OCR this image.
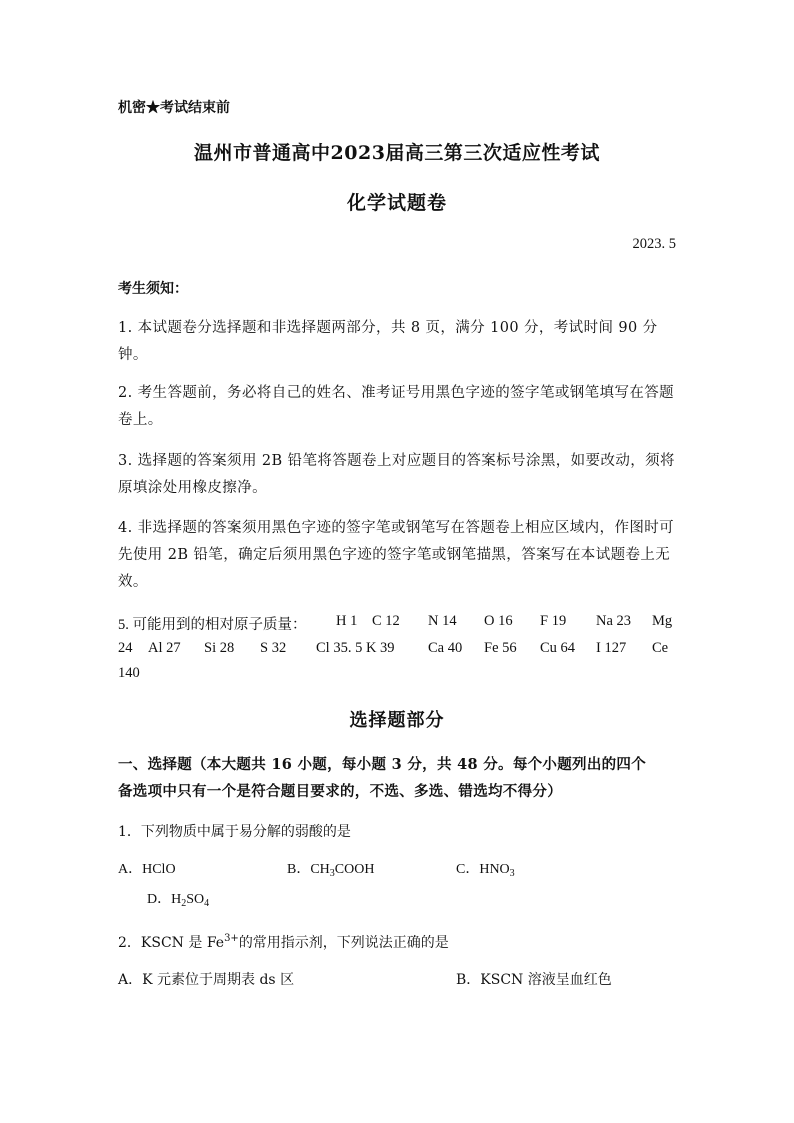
机密★考试结束前
温州市普通高中2023届高三第三次适应性考试
化学试题卷
2023. 5
考生须知：
1. 本试题卷分选择题和非选择题两部分，共 8 页，满分 100 分，考试时间 90 分钟。
2. 考生答题前，务必将自己的姓名、准考证号用黑色字迹的签字笔或钢笔填写在答题卷上。
3. 选择题的答案须用 2B 铅笔将答题卷上对应题目的答案标号涂黑，如要改动，须将原填涂处用橡皮擦净。
4. 非选择题的答案须用黑色字迹的签字笔或钢笔写在答题卷上相应区域内，作图时可先使用 2B 铅笔，确定后须用黑色字迹的签字笔或钢笔描黑，答案写在本试题卷上无效。
5. 可能用到的相对原子质量： H 1 C 12 N 14 O 16 F 19 Na 23 Mg
24 Al 27 Si 28 S 32 Cl 35. 5 K 39 Ca 40 Fe 56 Cu 64 I 127 Ce
140
选择题部分
一、选择题（本大题共 16 小题，每小题 3 分，共 48 分。每个小题列出的四个
备选项中只有一个是符合题目要求的，不选、多选、错选均不得分）
1．下列物质中属于易分解的弱酸的是
A．HClO	B．$CH_3COOH$	C．$HNO_3$
D．$H_2SO_4$
2．KSCN 是 $Fe^{3+}$的常用指示剂，下列说法正确的是
A．K 元素位于周期表 ds 区	B．KSCN 溶液呈血红色
